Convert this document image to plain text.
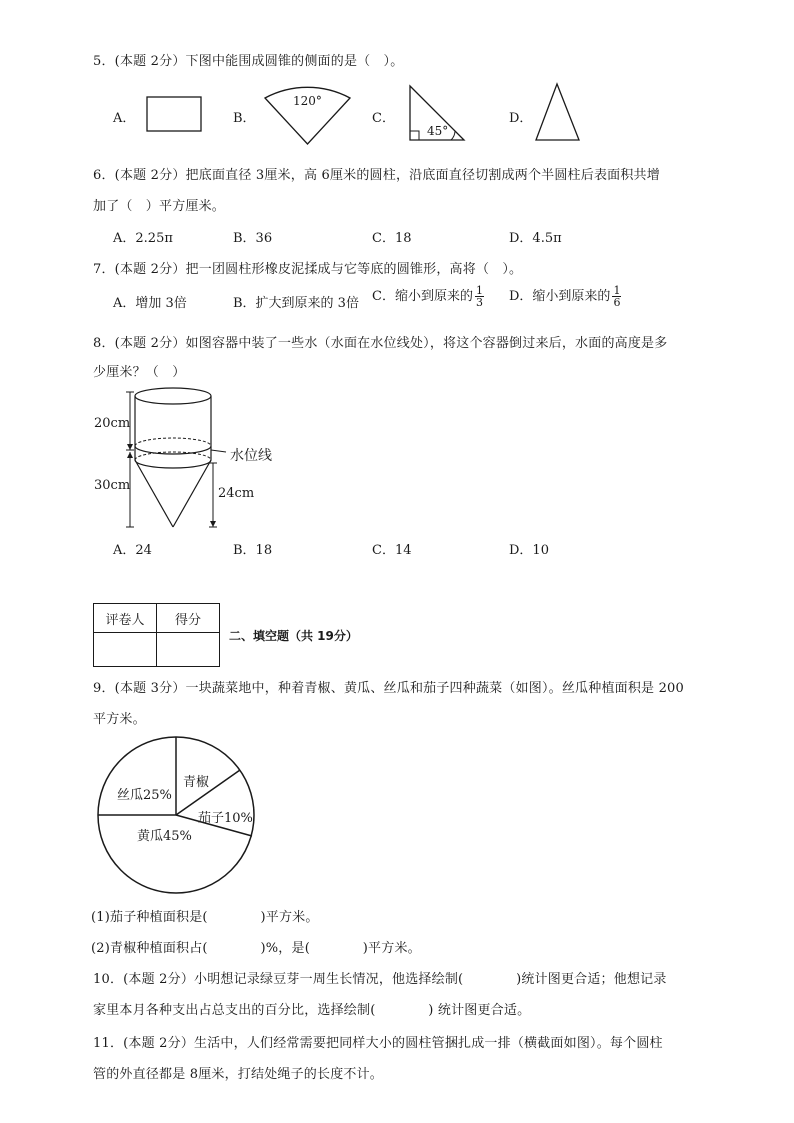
5．(本题 2分）下图中能围成圆锥的侧面的是（　）。
A．
120°
45°
B．	C．	D．
6．(本题 2分）把底面直径 3厘米，高 6厘米的圆柱，沿底面直径切割成两个半圆柱后表面积共增
加了（　）平方厘米。
A．2.25π	B．36	C．18	D．4.5π
7．(本题 2分）把一团圆柱形橡皮泥揉成与它等底的圆锥形，高将（　）。
A．增加 3倍	B．扩大到原来的 3倍 C．缩小到原来的 $\frac{1}{3}$ D．缩小到原来的 $\frac{1}{6}$
8．(本题 2分）如图容器中装了一些水（水面在水位线处），将这个容器倒过来后，水面的高度是多
少厘米？（　）
20cm
30cm
24cm
水位线
A．24	B．18	C．14	D．10
评卷人	得分

二、填空题（共 19分）
9．(本题 3分）一块蔬菜地中，种着青椒、黄瓜、丝瓜和茄子四种蔬菜（如图）。丝瓜种植面积是 200
平方米。
青椒
丝瓜25%
茄子10%
黄瓜45%
(1)茄子种植面积是(　　　　)平方米。
(2)青椒种植面积占(　　　　)%，是(　　　　)平方米。
10．(本题 2分）小明想记录绿豆芽一周生长情况，他选择绘制(　　　　)统计图更合适；他想记录
家里本月各种支出占总支出的百分比，选择绘制(　　　　) 统计图更合适。
11．(本题 2分）生活中，人们经常需要把同样大小的圆柱管捆扎成一排（横截面如图）。每个圆柱
管的外直径都是 8厘米，打结处绳子的长度不计。
